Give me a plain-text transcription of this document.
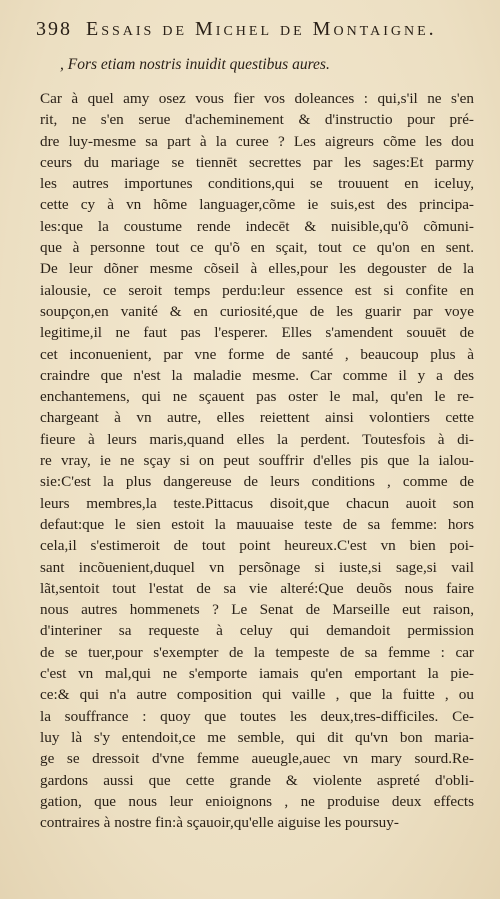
398 Essais de Michel de Montaigne.
, Fors etiam nostris inuidit questibus aures.
Car à quel amy osez vous fier vos doleances : qui,s'il ne s'en
rit, ne s'en serue d'acheminement & d'instructio pour pré-
dre luy-mesme sa part à la curee ? Les aigreurs cõme les dou
ceurs du mariage se tiennēt secrettes par les sages:Et parmy
les autres importunes conditions,qui se trouuent en iceluy,
cette cy à vn hõme languager,cõme ie suis,est des principa-
les:que la coustume rende indecēt & nuisible,qu'õ cõmuni-
que à personne tout ce qu'õ en sçait, tout ce qu'on en sent.
De leur dõner mesme cõseil à elles,pour les degouster de la
ialousie, ce seroit temps perdu:leur essence est si confite en
soupçon,en vanité & en curiosité,que de les guarir par voye
legitime,il ne faut pas l'esperer. Elles s'amendent souuēt de
cet inconuenient, par vne forme de santé , beaucoup plus à
craindre que n'est la maladie mesme. Car comme il y a des
enchantemens, qui ne sçauent pas oster le mal, qu'en le re-
chargeant à vn autre, elles reiettent ainsi volontiers cette
fieure à leurs maris,quand elles la perdent. Toutesfois à di-
re vray, ie ne sçay si on peut souffrir d'elles pis que la ialou-
sie:C'est la plus dangereuse de leurs conditions , comme de
leurs membres,la teste.Pittacus disoit,que chacun auoit son
defaut:que le sien estoit la mauuaise teste de sa femme: hors
cela,il s'estimeroit de tout point heureux.C'est vn bien poi-
sant incõuenient,duquel vn persõnage si iuste,si sage,si vail
lãt,sentoit tout l'estat de sa vie alteré:Que deuõs nous faire
nous autres hommenets ? Le Senat de Marseille eut raison,
d'interiner sa requeste à celuy qui demandoit permission
de se tuer,pour s'exempter de la tempeste de sa femme : car
c'est vn mal,qui ne s'emporte iamais qu'en emportant la pie-
ce:& qui n'a autre composition qui vaille , que la fuitte , ou
la souffrance : quoy que toutes les deux,tres-difficiles. Ce-
luy là s'y entendoit,ce me semble, qui dit qu'vn bon maria-
ge se dressoit d'vne femme aueugle,auec vn mary sourd.Re-
gardons aussi que cette grande & violente aspreté d'obli-
gation, que nous leur enioignons , ne produise deux effects
contraires à nostre fin:à sçauoir,qu'elle aiguise les poursuy-
